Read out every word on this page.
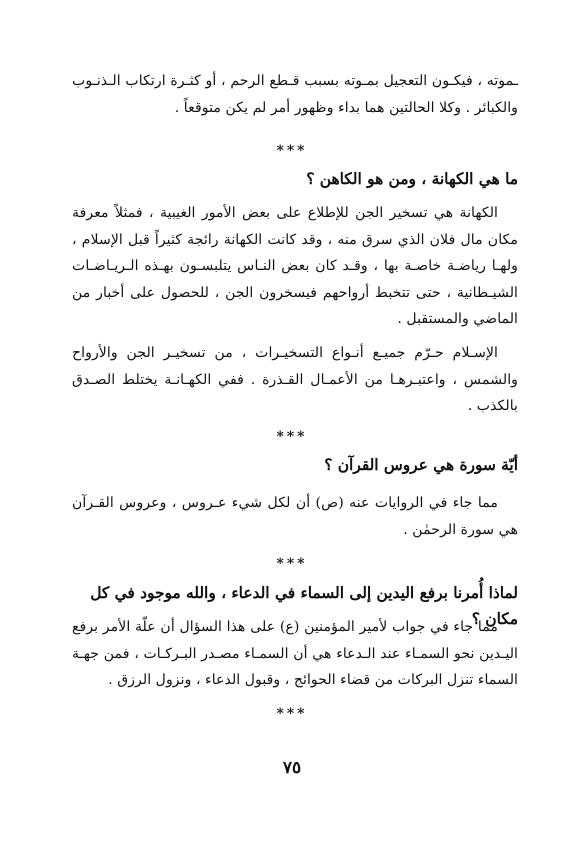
ـموته ، فيكـون التعجيل بمـوته بسبب قـطع الرحم ، أو كثـرة ارتكاب الـذنـوب والكبائر . وكلا الحالتين هما بداء وظهور أمر لم يكن متوقعاً .

***
ما هي الكهانة ، ومن هو الكاهن ؟

الكهانة هي تسخير الجن للإطلاع على بعض الأمور الغيبية ، فمثلاً معرفة مكان مال فلان الذي سرق منه ، وقد كانت الكهانة رائجة كثيراً قبل الإسلام ، ولهـا رياضـة خاصـة بها ، وقـد كان بعض النـاس يتلبسـون بهـذه الـريـاضـات الشيـطانية ، حتى تتخبط أرواحهم فيسخرون الجن ، للحصول على أخبار من الماضي والمستقبل .

الإسـلام حـرّم جميـع أنـواع التسخيـرات ، من تسخيـر الجن والأرواح والشمس ، واعتبـرهـا من الأعمـال القـذرة . ففي الكهـانـة يختلط الصـدق بالكذب .

***
أيّة سورة هي عروس القرآن ؟

مما جاء في الروايات عنه (ص) أن لكل شيء عـروس ، وعروس القـرآن هي سورة الرحمٰن .

***
لماذا أُمرنا برفع اليدين إلى السماء في الدعاء ، والله موجود في كل مكان ؟

مما جاء في جواب لأمير المؤمنين (ع) على هذا السؤال أن علّة الأمر برفع اليـدين نحو السمـاء عند الـدعاء هي أن السمـاء مصـدر البـركـات ، فمن جهـة السماء تنزل البركات من قضاء الحوائج ، وقبول الدعاء ، ونزول الرزق .

***
٧٥
